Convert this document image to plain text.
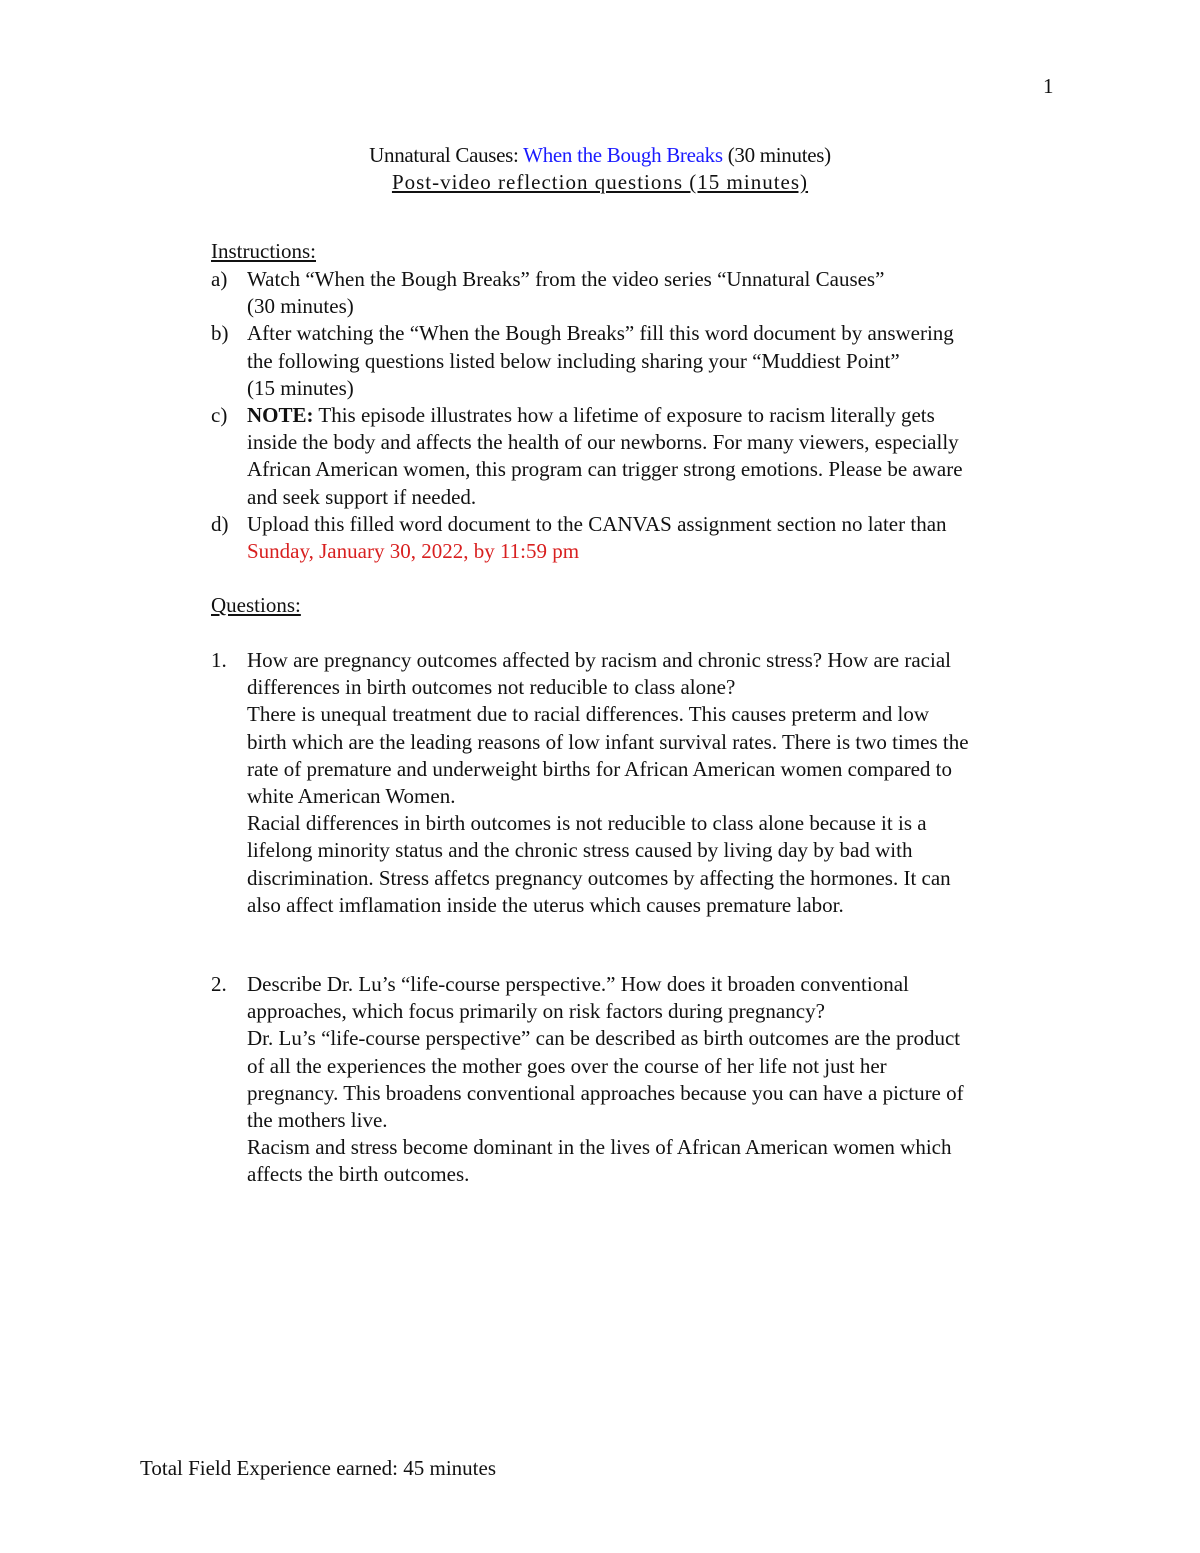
1
Unnatural Causes: When the Bough Breaks (30 minutes)
Post-video reflection questions (15 minutes)
Instructions:
a) Watch “When the Bough Breaks” from the video series “Unnatural Causes”

(30 minutes)

b) After watching the “When the Bough Breaks” fill this word document by answering

the following questions listed below including sharing your “Muddiest Point”

(15 minutes)

c) NOTE: This episode illustrates how a lifetime of exposure to racism literally gets

inside the body and affects the health of our newborns. For many viewers, especially

African American women, this program can trigger strong emotions. Please be aware

and seek support if needed.

d) Upload this filled word document to the CANVAS assignment section no later than

Sunday, January 30, 2022, by 11:59 pm

Questions:
1. How are pregnancy outcomes affected by racism and chronic stress? How are racial

differences in birth outcomes not reducible to class alone?

There is unequal treatment due to racial differences. This causes preterm and low

birth which are the leading reasons of low infant survival rates. There is two times the

rate of premature and underweight births for African American women compared to

white American Women.

Racial differences in birth outcomes is not reducible to class alone because it is a

lifelong minority status and the chronic stress caused by living day by bad with

discrimination. Stress affetcs pregnancy outcomes by affecting the hormones. It can

also affect imflamation inside the uterus which causes premature labor.

2. Describe Dr. Lu’s “life-course perspective.” How does it broaden conventional

approaches, which focus primarily on risk factors during pregnancy?

Dr. Lu’s “life-course perspective” can be described as birth outcomes are the product

of all the experiences the mother goes over the course of her life not just her

pregnancy. This broadens conventional approaches because you can have a picture of

the mothers live.

Racism and stress become dominant in the lives of African American women which

affects the birth outcomes.

Total Field Experience earned: 45 minutes
